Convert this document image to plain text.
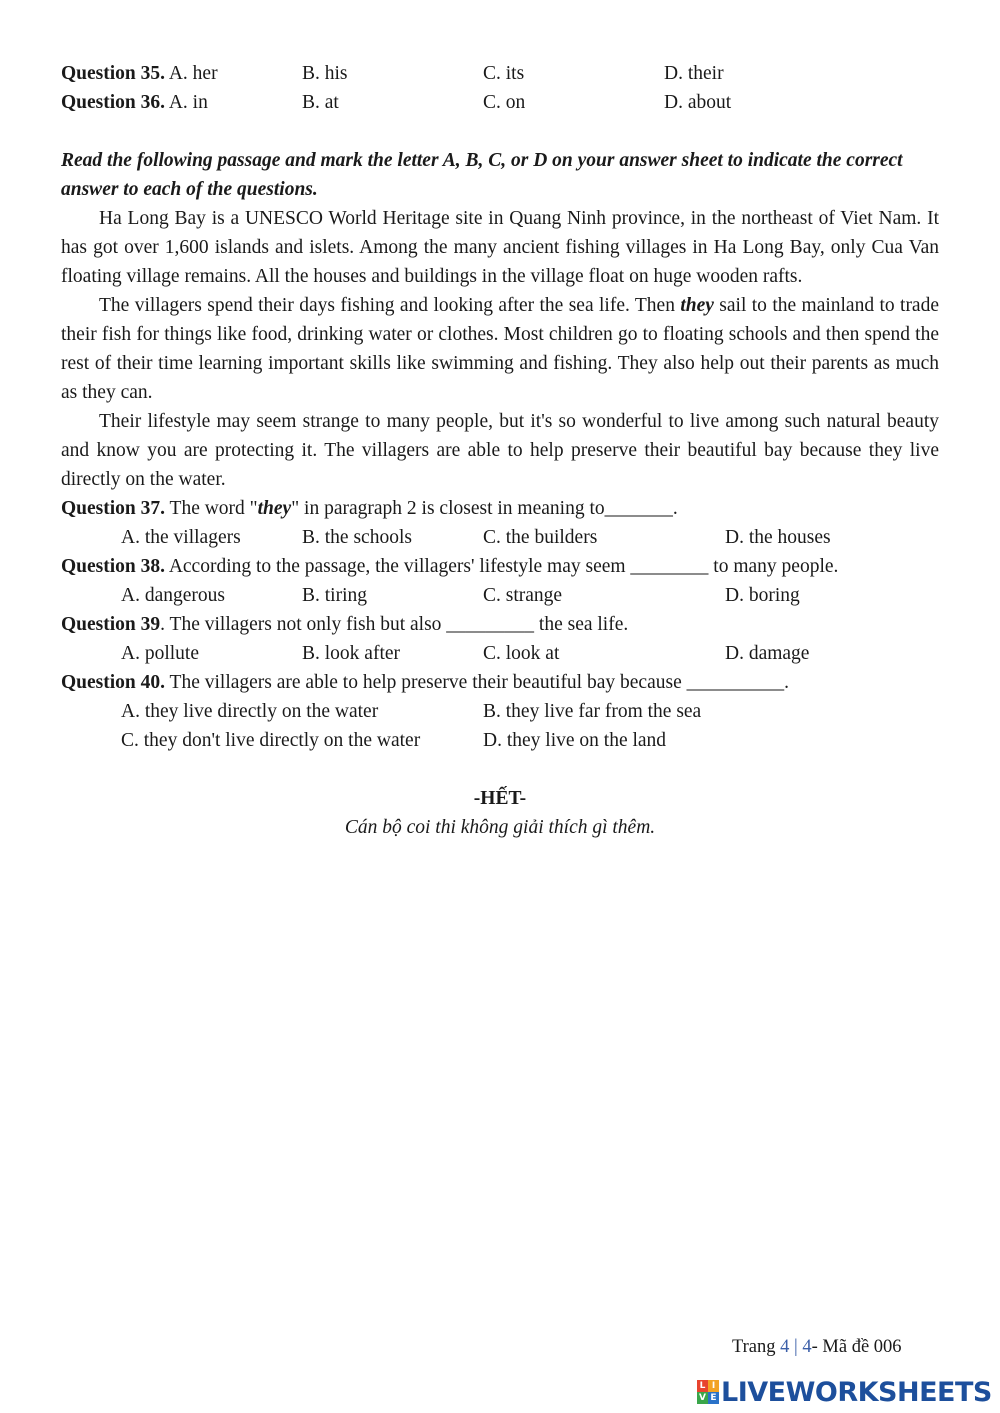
Question 35. A. her	B. his	C. its	D. their
Question 36. A. in	B. at	C. on	D. about
Read the following passage and mark the letter A, B, C, or D on your answer sheet to indicate the correct answer to each of the questions.

Ha Long Bay is a UNESCO World Heritage site in Quang Ninh province, in the northeast of Viet Nam. It has got over 1,600 islands and islets. Among the many ancient fishing villages in Ha Long Bay, only Cua Van floating village remains. All the houses and buildings in the village float on huge wooden rafts.

The villagers spend their days fishing and looking after the sea life. Then they sail to the mainland to trade their fish for things like food, drinking water or clothes. Most children go to floating schools and then spend the rest of their time learning important skills like swimming and fishing. They also help out their parents as much as they can.

Their lifestyle may seem strange to many people, but it's so wonderful to live among such natural beauty and know you are protecting it. The villagers are able to help preserve their beautiful bay because they live directly on the water.

Question 37. The word "they" in paragraph 2 is closest in meaning to_______.
A. the villagers	B. the schools	C. the builders	D. the houses
Question 38. According to the passage, the villagers' lifestyle may seem ________ to many people.
A. dangerous	B. tiring	C. strange	D. boring
Question 39. The villagers not only fish but also _________ the sea life.
A. pollute	B. look after	C. look at	D. damage
Question 40. The villagers are able to help preserve their beautiful bay because __________.
A. they live directly on the water	B. they live far from the sea
C. they don't live directly on the water	D. they live on the land
-HẾT-
Cán bộ coi thi không giải thích gì thêm.
Trang 4 | 4- Mã đề 006
L I
V E LIVEWORKSHEETS
